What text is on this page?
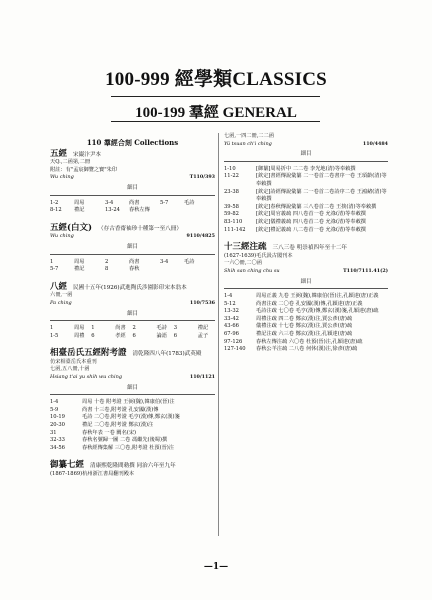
100-999 經學類CLASSICS
100-199 羣經 GENERAL
110 羣經合刻 Collections
五經 宋巖汴尹本
天Q.,二函第,二冊
附註：有"孟宸御覽之寶"朱印
Wu ching	T110/393
細目
1-2	周易	3-4	尚書	5-7	毛詩
8-12	禮記	13-24	春秋左傳
五經(白文) （存古香齋袖珍十種第一至八冊）
Wu ching	9110/4825
細目
1	周易	2	尚書	3-4	毛詩
5-7	禮記	8	春秋
八經 民國十五年(1926)武進陶氏涉園影印宋本翁本
六冊,一函
Pa ching	110/7536
細目
1	周易 1	尚書 2	毛詩 3	禮記
1-5	周禮 6	孝經 6	論語 6	孟子
相臺岳氏五經附考證 清乾隆四八年(1783)武英殿
仿宋相臺岳氏本重刊
七函,五八冊,十函
Hsiang t'ai yu shih wu ching	110/1121
細目
1-4	周易 十卷 附考證 王弼(魏),韓康伯(晉)注
5-9	尚書 十三卷,附考證 孔安國(漢)傳
10-19	毛詩 二〇卷,附考證 毛亨(漢)傳,鄭玄(漢)箋
20-30	禮記 二〇卷,附考證 鄭玄(漢)注
31	春秋年表 一卷 闕名(宋)
32-33	春秋名號歸一圖 二卷 馮繼先(後蜀)撰
34-56	春秋經傳集解 三〇卷,附考證 杜預(晉)注
御纂七經 清康熙乾隆間勅撰 同治六年至九年
(1867-1869)杭州浙江書局翻刊殿本
七函,一四二冊,二二函
Yü tsuan ch'i ching	110/4484
細目
1-10	[御纂]周易折中 二二卷 李光地(清)等奉敕撰
11-22	[欽定]書經傳說彙纂 二一卷首二卷書序一卷 王頊齡(清)等奉敕撰
23-38	[欽定]詩經傳說彙纂 二一卷首二卷詩序二卷 王鴻緒(清)等奉敕撰
39-58	[欽定]春秋傳說彙纂 三八卷首二卷 王掞(清)等奉敕撰
59-82	[欽定]周官義疏 四八卷首一卷 允祿(清)等奉敕撰
83-110	[欽定]儀禮義疏 四八卷首二卷 允祿(清)等奉敕撰
111-142	[欽定]禮記義疏 八二卷首一卷 允祿(清)等奉敕撰
十三經注疏 三八三卷 明崇禎四年至十二年
(1627-1639)毛氏汲古閣刊本
一六〇冊,二〇函
Shih san ching chu su	T110/7111.41(2)
細目
1-4	周易正義 九卷 王弼(魏),韓康伯(晉)注,孔穎達(唐)正義
5-12	尚書注疏 二〇卷 孔安國(漢)傳,孔穎達(唐)正義
13-32	毛詩注疏 七〇卷 毛亨(漢)傳,鄭玄(漢)箋,孔穎達(唐)疏
33-42	周禮注疏 四二卷 鄭玄(漢)注,賈公彥(唐)疏
43-66	儀禮注疏 十七卷 鄭玄(漢)注,賈公彥(唐)疏
67-96	禮記注疏 六三卷 鄭玄(漢)注,孔穎達(唐)疏
97-126	春秋左傳注疏 六〇卷 杜預(晉)注,孔穎達(唐)疏
127-140	春秋公羊注疏 二八卷 何休(漢)注,徐彥(唐)疏
—1—
